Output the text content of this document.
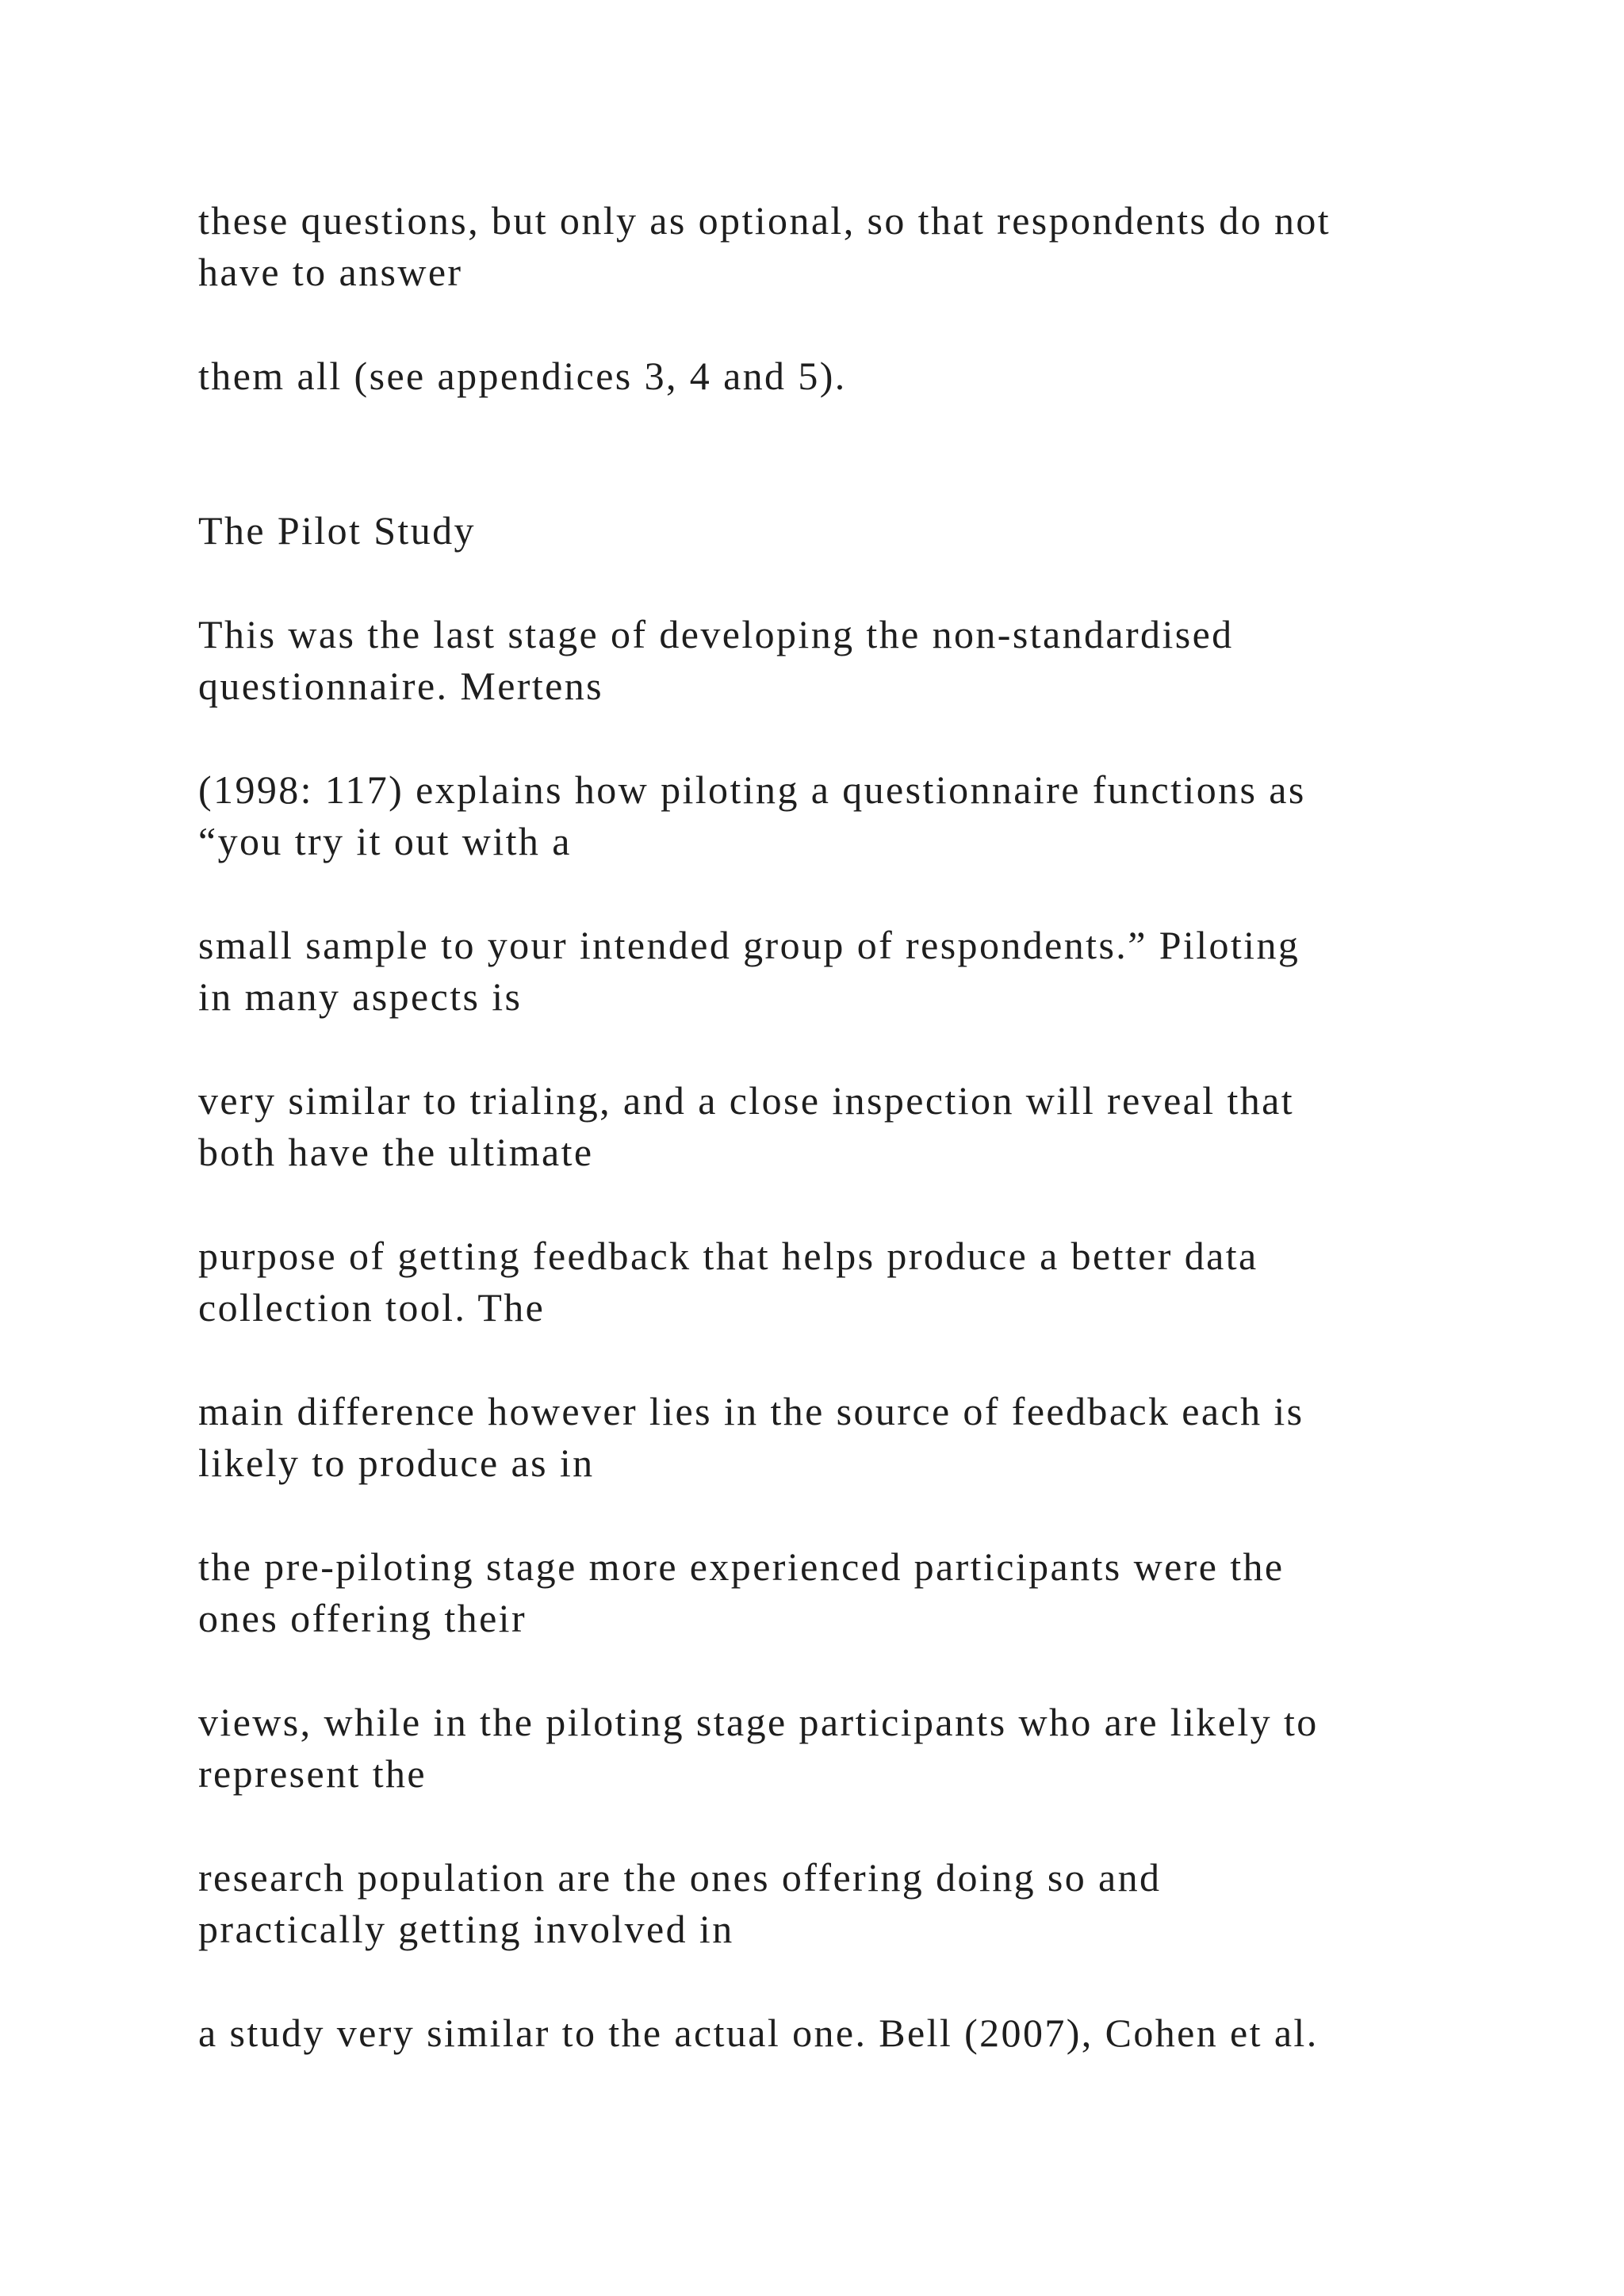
these questions, but only as optional, so that respondents do not
have to answer

them all (see appendices 3, 4 and 5).

The Pilot Study

This was the last stage of developing the non-standardised
questionnaire. Mertens

(1998: 117) explains how piloting a questionnaire functions as
“you try it out with a

small sample to your intended group of respondents.” Piloting
in many aspects is

very similar to trialing, and a close inspection will reveal that
both have the ultimate

purpose of getting feedback that helps produce a better data
collection tool. The

main difference however lies in the source of feedback each is
likely to produce as in

the pre-piloting stage more experienced participants were the
ones offering their

views, while in the piloting stage participants who are likely to
represent the

research population are the ones offering doing so and
practically getting involved in

a study very similar to the actual one. Bell (2007), Cohen et al.
